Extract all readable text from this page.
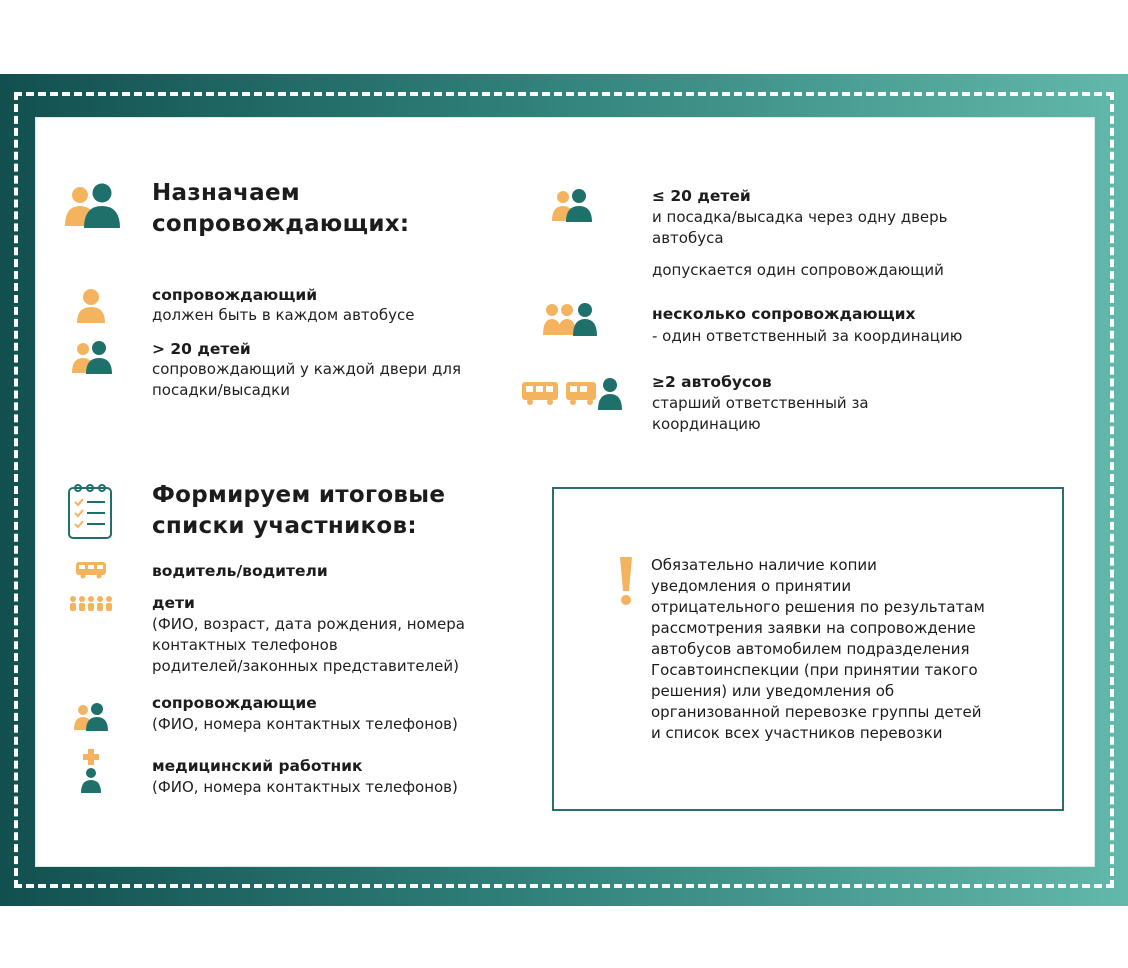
Назначаем
сопровождающих:
сопровождающий
должен быть в каждом автобусе
> 20 детей
сопровождающий у каждой двери для
посадки/высадки
≤ 20 детей
и посадка/высадка через одну дверь
автобуса
допускается один сопровождающий
несколько сопровождающих
- один ответственный за координацию
≥2 автобусов
старший ответственный за
координацию
Формируем итоговые
списки участников:
водитель/водители
дети
(ФИО, возраст, дата рождения, номера
контактных телефонов
родителей/законных представителей)
сопровождающие
(ФИО, номера контактных телефонов)
медицинский работник
(ФИО, номера контактных телефонов)
Обязательно наличие копии
уведомления о принятии
отрицательного решения по результатам
рассмотрения заявки на сопровождение
автобусов автомобилем подразделения
Госавтоинспекции (при принятии такого
решения) или уведомления об
организованной перевозке группы детей
и список всех участников перевозки
